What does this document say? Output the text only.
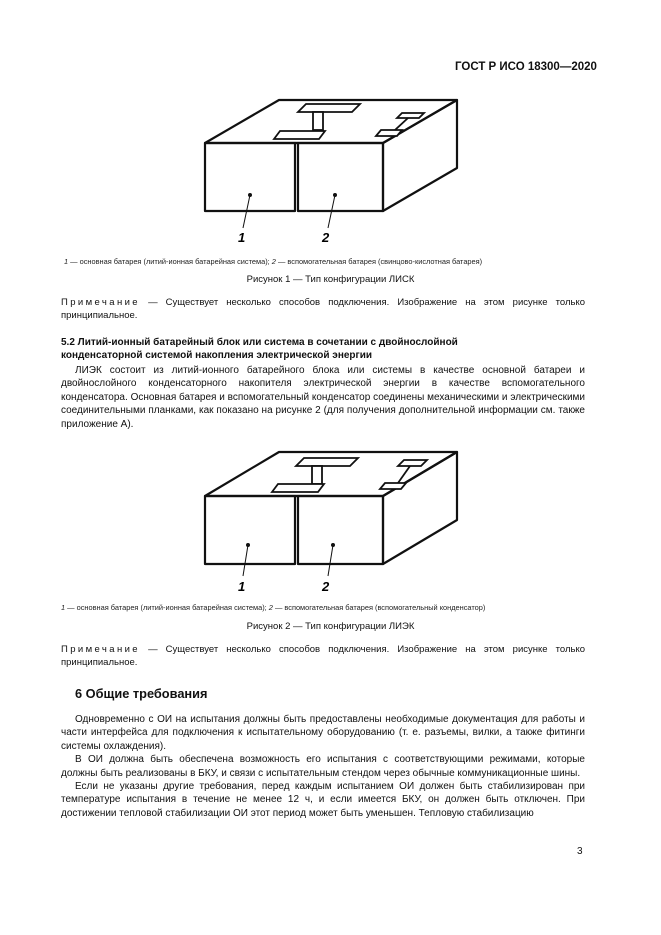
ГОСТ Р ИСО 18300—2020
1	2
1 — основная батарея (литий-ионная батарейная система); 2 — вспомогательная батарея (свинцово-кислотная батарея)
Рисунок 1 — Тип конфигурации ЛИСК
Примечание — Существует несколько способов подключения. Изображение на этом рисунке только принципиальное.
5.2 Литий-ионный батарейный блок или система в сочетании с двойнослойной конденсаторной системой накопления электрической энергии

ЛИЭК состоит из литий-ионного батарейного блока или системы в качестве основной батареи и двойнослойного конденсаторного накопителя электрической энергии в качестве вспомогательного конденсатора. Основная батарея и вспомогательный конденсатор соединены механическими и электрическими соединительными планками, как показано на рисунке 2 (для получения дополнительной информации см. также приложение А).

1	2
1 — основная батарея (литий-ионная батарейная система); 2 — вспомогательная батарея (вспомогательный конденсатор)
Рисунок 2 — Тип конфигурации ЛИЭК
Примечание — Существует несколько способов подключения. Изображение на этом рисунке только принципиальное.
6 Общие требования

Одновременно с ОИ на испытания должны быть предоставлены необходимые документация для работы и части интерфейса для подключения к испытательному оборудованию (т. е. разъемы, вилки, а также фитинги системы охлаждения).

В ОИ должна быть обеспечена возможность его испытания с соответствующими режимами, которые должны быть реализованы в БКУ, и связи с испытательным стендом через обычные коммуникационные шины.

Если не указаны другие требования, перед каждым испытанием ОИ должен быть стабилизирован при температуре испытания в течение не менее 12 ч, и если имеется БКУ, он должен быть отключен. При достижении тепловой стабилизации ОИ этот период может быть уменьшен. Тепловую стабилизацию

3
